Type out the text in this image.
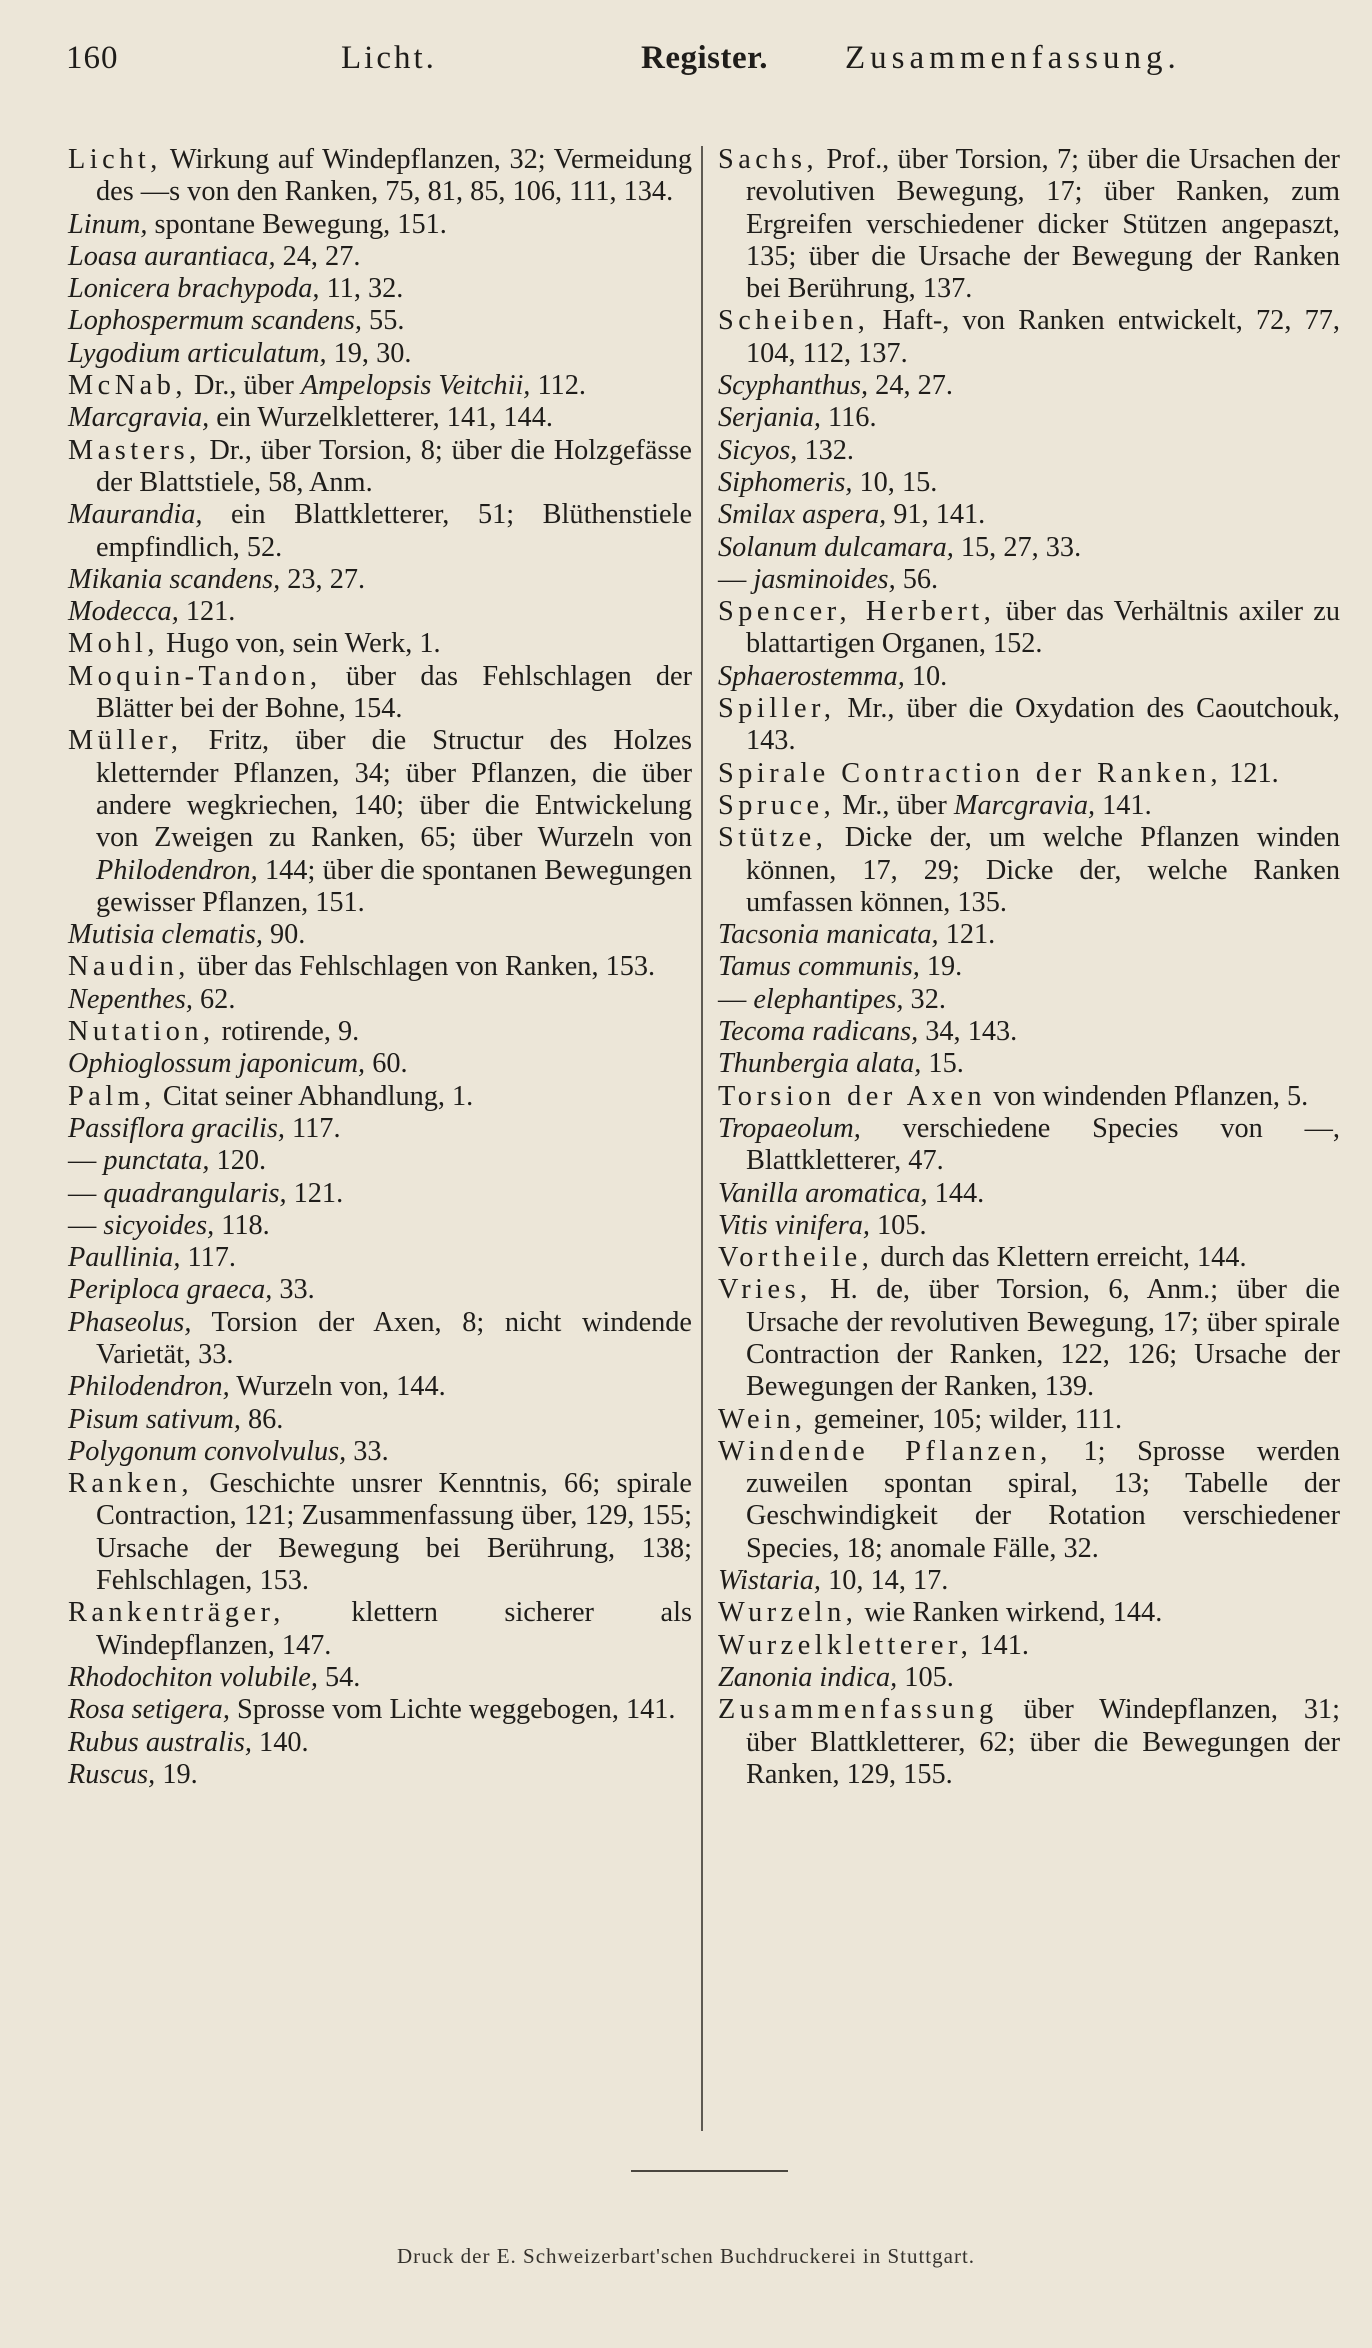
160	Licht.	Register. Zusammenfassung.
Licht, Wirkung auf Windepflanzen, 32; Vermeidung des —s von den Ranken, 75, 81, 85, 106, 111, 134.
Linum, spontane Bewegung, 151.
Loasa aurantiaca, 24, 27.
Lonicera brachypoda, 11, 32.
Lophospermum scandens, 55.
Lygodium articulatum, 19, 30.
McNab, Dr., über Ampelopsis Veitchii, 112.
Marcgravia, ein Wurzelkletterer, 141, 144.
Masters, Dr., über Torsion, 8; über die Holzgefässe der Blattstiele, 58, Anm.
Maurandia, ein Blattkletterer, 51; Blüthenstiele empfindlich, 52.
Mikania scandens, 23, 27.
Modecca, 121.
Mohl, Hugo von, sein Werk, 1.
Moquin-Tandon, über das Fehlschlagen der Blätter bei der Bohne, 154.
Müller, Fritz, über die Structur des Holzes kletternder Pflanzen, 34; über Pflanzen, die über andere wegkriechen, 140; über die Entwickelung von Zweigen zu Ranken, 65; über Wurzeln von Philodendron, 144; über die spontanen Bewegungen gewisser Pflanzen, 151.
Mutisia clematis, 90.
Naudin, über das Fehlschlagen von Ranken, 153.
Nepenthes, 62.
Nutation, rotirende, 9.
Ophioglossum japonicum, 60.
Palm, Citat seiner Abhandlung, 1.
Passiflora gracilis, 117.
— punctata, 120.
— quadrangularis, 121.
— sicyoides, 118.
Paullinia, 117.
Periploca graeca, 33.
Phaseolus, Torsion der Axen, 8; nicht windende Varietät, 33.
Philodendron, Wurzeln von, 144.
Pisum sativum, 86.
Polygonum convolvulus, 33.
Ranken, Geschichte unsrer Kenntnis, 66; spirale Contraction, 121; Zusammenfassung über, 129, 155; Ursache der Bewegung bei Berührung, 138; Fehlschlagen, 153.
Rankenträger, klettern sicherer als Windepflanzen, 147.
Rhodochiton volubile, 54.
Rosa setigera, Sprosse vom Lichte weggebogen, 141.
Rubus australis, 140.
Ruscus, 19.
Sachs, Prof., über Torsion, 7; über die Ursachen der revolutiven Bewegung, 17; über Ranken, zum Ergreifen verschiedener dicker Stützen angepaszt, 135; über die Ursache der Bewegung der Ranken bei Berührung, 137.
Scheiben, Haft-, von Ranken entwickelt, 72, 77, 104, 112, 137.
Scyphanthus, 24, 27.
Serjania, 116.
Sicyos, 132.
Siphomeris, 10, 15.
Smilax aspera, 91, 141.
Solanum dulcamara, 15, 27, 33.
— jasminoides, 56.
Spencer, Herbert, über das Verhältnis axiler zu blattartigen Organen, 152.
Sphaerostemma, 10.
Spiller, Mr., über die Oxydation des Caoutchouk, 143.
Spirale Contraction der Ranken, 121.
Spruce, Mr., über Marcgravia, 141.
Stütze, Dicke der, um welche Pflanzen winden können, 17, 29; Dicke der, welche Ranken umfassen können, 135.
Tacsonia manicata, 121.
Tamus communis, 19.
— elephantipes, 32.
Tecoma radicans, 34, 143.
Thunbergia alata, 15.
Torsion der Axen von windenden Pflanzen, 5.
Tropaeolum, verschiedene Species von —, Blattkletterer, 47.
Vanilla aromatica, 144.
Vitis vinifera, 105.
Vortheile, durch das Klettern erreicht, 144.
Vries, H. de, über Torsion, 6, Anm.; über die Ursache der revolutiven Bewegung, 17; über spirale Contraction der Ranken, 122, 126; Ursache der Bewegungen der Ranken, 139.
Wein, gemeiner, 105; wilder, 111.
Windende Pflanzen, 1; Sprosse werden zuweilen spontan spiral, 13; Tabelle der Geschwindigkeit der Rotation verschiedener Species, 18; anomale Fälle, 32.
Wistaria, 10, 14, 17.
Wurzeln, wie Ranken wirkend, 144.
Wurzelkletterer, 141.
Zanonia indica, 105.
Zusammenfassung über Windepflanzen, 31; über Blattkletterer, 62; über die Bewegungen der Ranken, 129, 155.
Druck der E. Schweizerbart'schen Buchdruckerei in Stuttgart.
